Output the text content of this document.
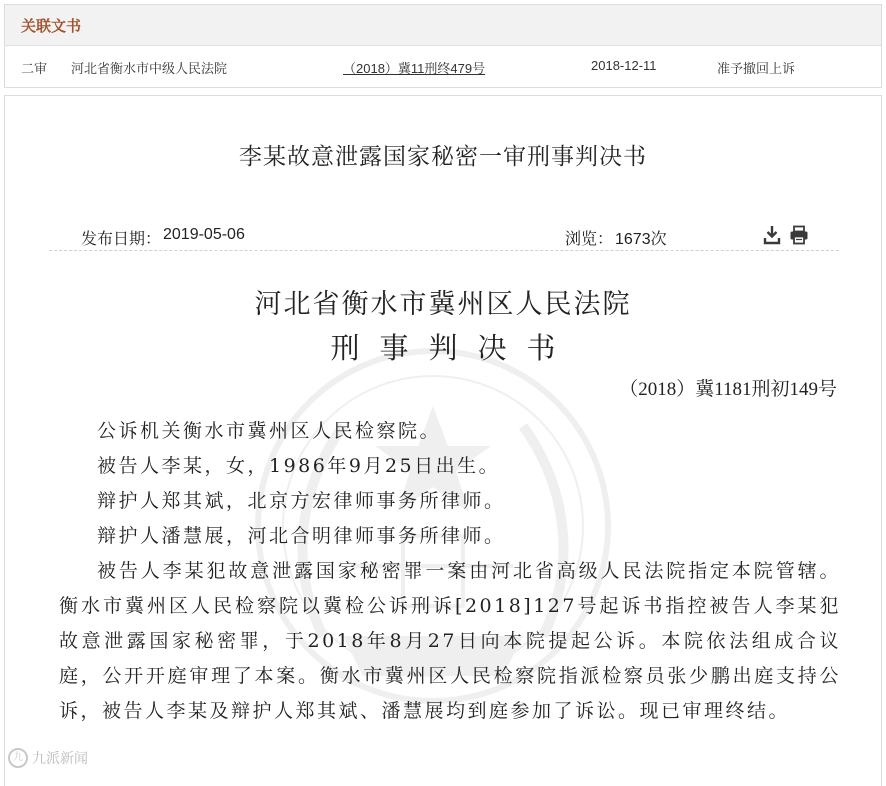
关联文书
二审 河北省衡水市中级人民法院	（2018）冀11刑终479号	2018-12-11	准予撤回上诉
李某故意泄露国家秘密一审刑事判决书
发布日期： 2019-05-06	浏览： 1673次
河北省衡水市冀州区人民法院
刑事判决书
（2018）冀1181刑初149号

公诉机关衡水市冀州区人民检察院。

被告人李某，女，1986年9月25日出生。

辩护人郑其斌，北京方宏律师事务所律师。

辩护人潘慧展，河北合明律师事务所律师。

被告人李某犯故意泄露国家秘密罪一案由河北省高级人民法院指定本院管辖。衡水市冀州区人民检察院以冀检公诉刑诉[2018]127号起诉书指控被告人李某犯故意泄露国家秘密罪，于2018年8月27日向本院提起公诉。本院依法组成合议庭，公开开庭审理了本案。衡水市冀州区人民检察院指派检察员张少鹏出庭支持公诉，被告人李某及辩护人郑其斌、潘慧展均到庭参加了诉讼。现已审理终结。

九 九派新闻
